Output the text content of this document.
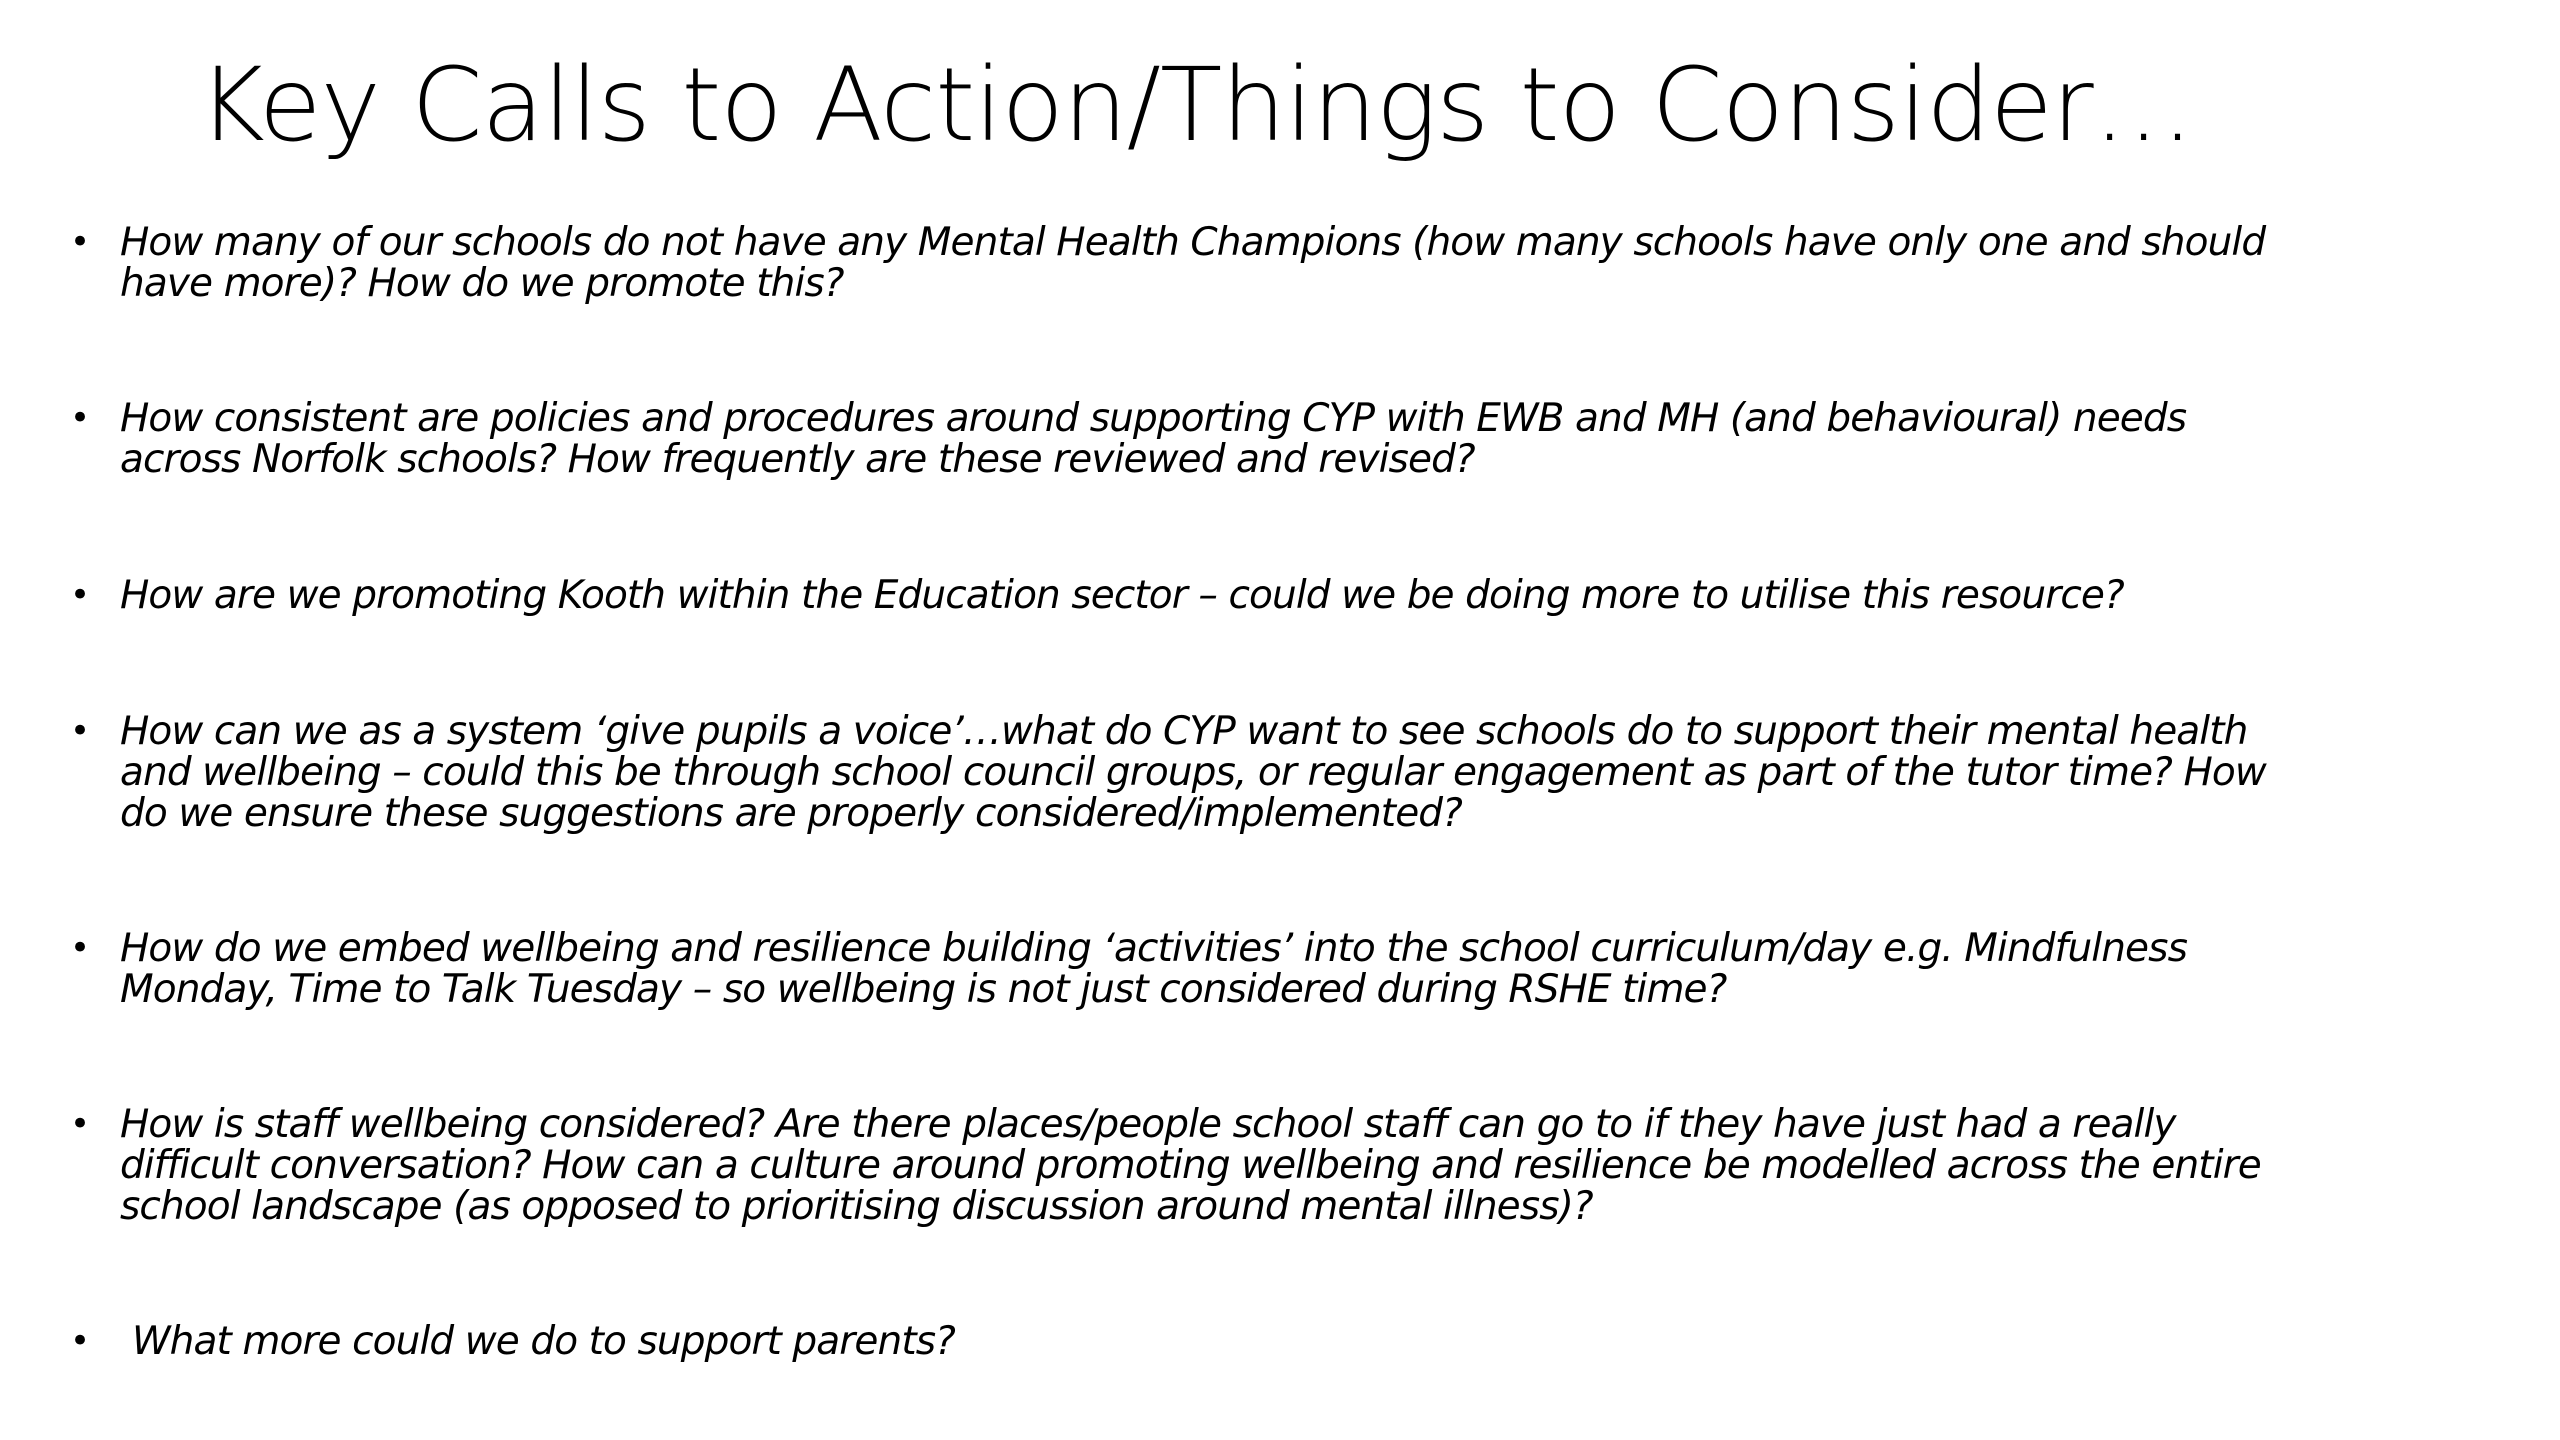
Key Calls to Action/Things to Consider…
• How many of our schools do not have any Mental Health Champions (how many schools have only one and should
have more)? How do we promote this?
• How consistent are policies and procedures around supporting CYP with EWB and MH (and behavioural) needs
across Norfolk schools? How frequently are these reviewed and revised?
• How are we promoting Kooth within the Education sector – could we be doing more to utilise this resource?
• How can we as a system ‘give pupils a voice’…what do CYP want to see schools do to support their mental health
and wellbeing – could this be through school council groups, or regular engagement as part of the tutor time? How
do we ensure these suggestions are properly considered/implemented?
• How do we embed wellbeing and resilience building ‘activities’ into the school curriculum/day e.g. Mindfulness
Monday, Time to Talk Tuesday – so wellbeing is not just considered during RSHE time?
• How is staff wellbeing considered? Are there places/people school staff can go to if they have just had a really
difficult conversation? How can a culture around promoting wellbeing and resilience be modelled across the entire
school landscape (as opposed to prioritising discussion around mental illness)?
• What more could we do to support parents?
